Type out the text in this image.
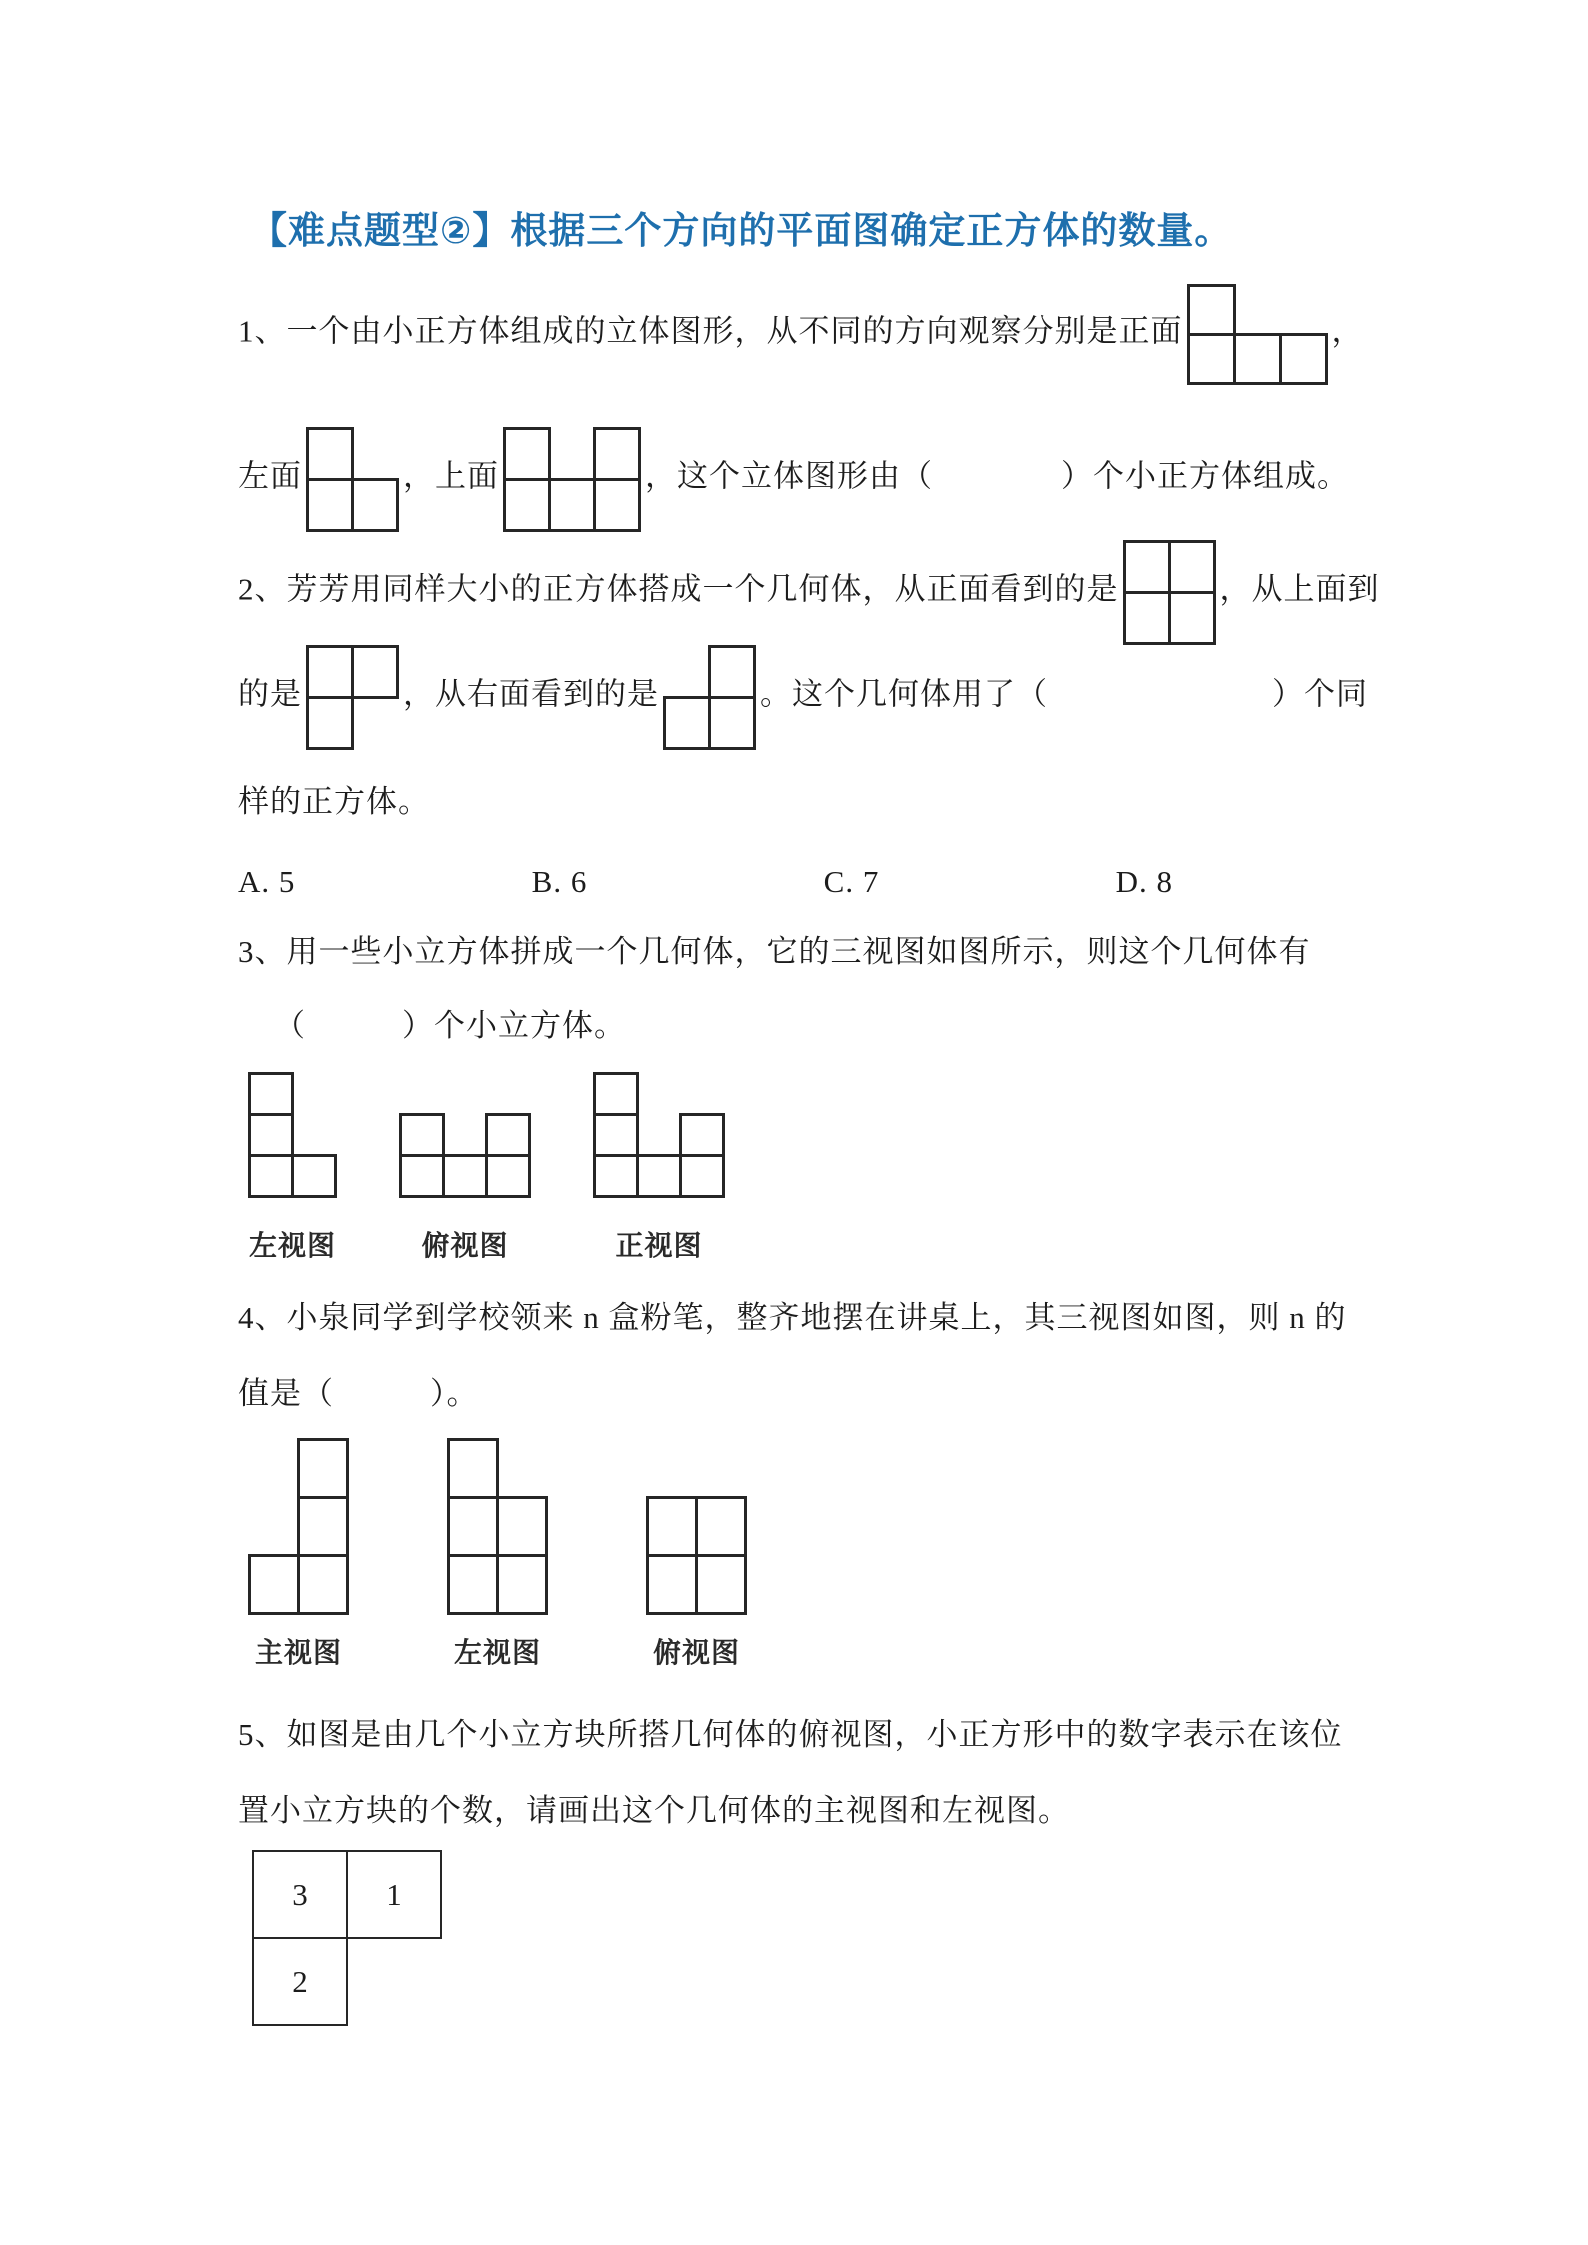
【难点题型②】根据三个方向的平面图确定正方体的数量。

1、一个由小正方体组成的立体图形，从不同的方向观察分别是正面

			，

左面

		，上面

			，这个立体图形由（　　　　）个小正方体组成。

2、芳芳用同样大小的正方体搭成一个几何体，从正面看到的是

		，从上面到

的是

		，从右面看到的是

		。这个几何体用了（　　　　　　　）个同

样的正方体。

A. 5	B. 6	C. 7	D. 8

3、用一些小立方体拼成一个几何体，它的三视图如图所示，则这个几何体有

（　　　）个小立方体。

左视图

			俯视图

			正视图

4、小泉同学到学校领来 n 盒粉笔，整齐地摆在讲桌上，其三视图如图，则 n 的

值是（　　　）。

主视图

		左视图

		俯视图

5、如图是由几个小立方块所搭几何体的俯视图，小正方形中的数字表示在该位

置小立方块的个数，请画出这个几何体的主视图和左视图。

3	1
2	
